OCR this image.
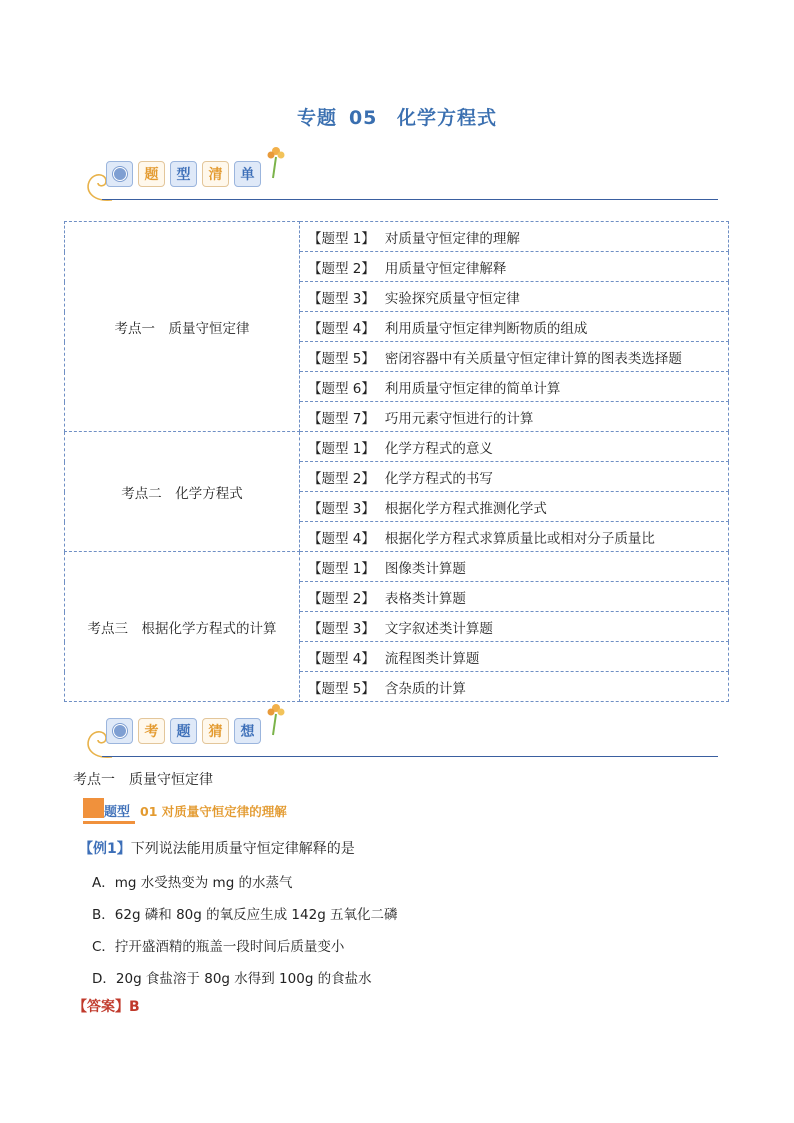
专题 05 化学方程式
题	型	清	单
考点一　质量守恒定律	【题型 1】 对质量守恒定律的理解
	【题型 2】 用质量守恒定律解释
	【题型 3】 实验探究质量守恒定律
	【题型 4】 利用质量守恒定律判断物质的组成
	【题型 5】 密闭容器中有关质量守恒定律计算的图表类选择题
	【题型 6】 利用质量守恒定律的简单计算
	【题型 7】 巧用元素守恒进行的计算
考点二　化学方程式	【题型 1】 化学方程式的意义
	【题型 2】 化学方程式的书写
	【题型 3】 根据化学方程式推测化学式
	【题型 4】 根据化学方程式求算质量比或相对分子质量比
考点三　根据化学方程式的计算	【题型 1】 图像类计算题
	【题型 2】 表格类计算题
	【题型 3】 文字叙述类计算题
	【题型 4】 流程图类计算题
	【题型 5】 含杂质的计算
考	题	猜	想
考点一　质量守恒定律
题型 01 对质量守恒定律的理解
【例1】下列说法能用质量守恒定律解释的是
A．mg 水受热变为 mg 的水蒸气
B．62g 磷和 80g 的氧反应生成 142g 五氧化二磷
C．拧开盛酒精的瓶盖一段时间后质量变小
D．20g 食盐溶于 80g 水得到 100g 的食盐水
【答案】B
